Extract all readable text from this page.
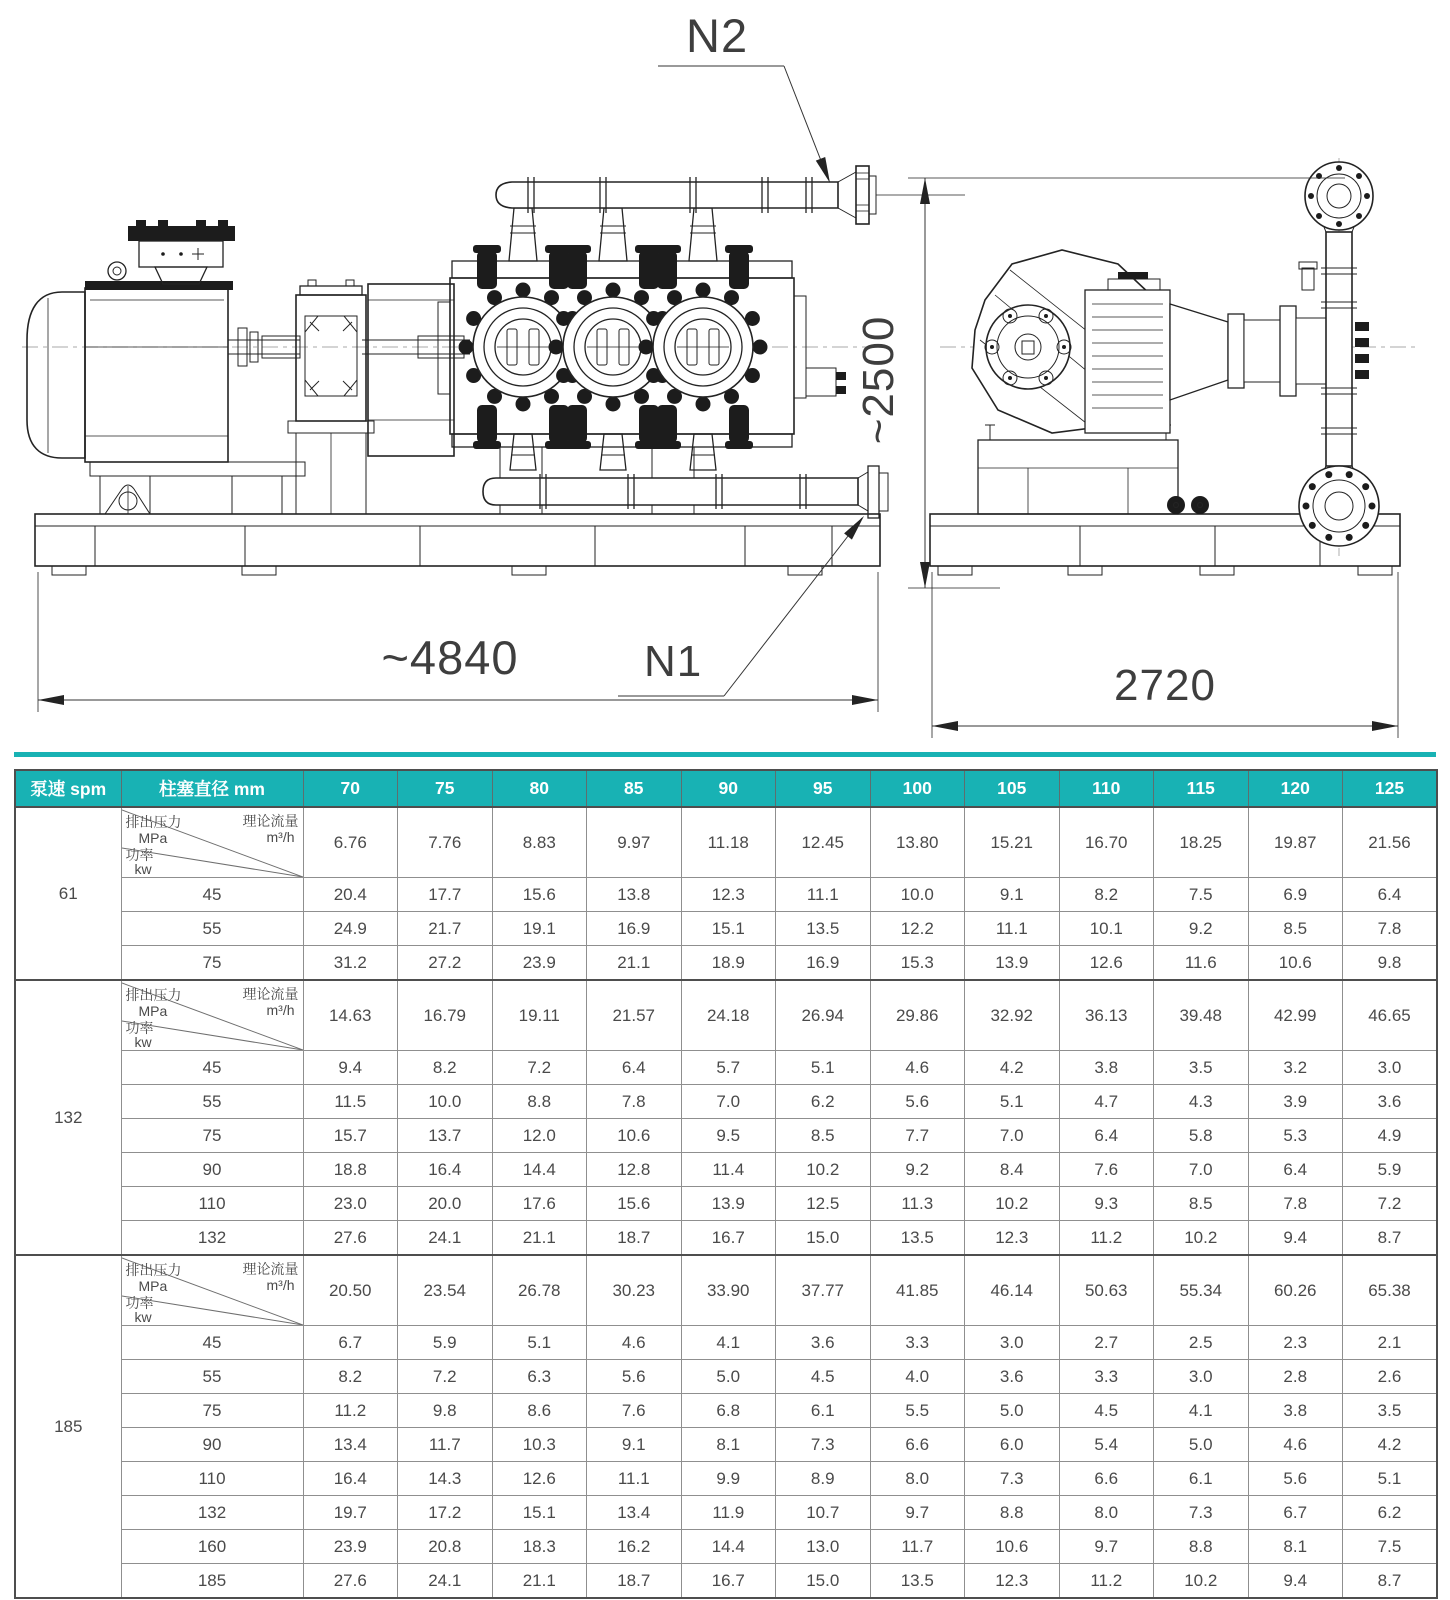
N2
N1
~4840
~2500
2720
泵速 spm	柱塞直径 mm	70	75	80	85	90	95	100	105	110	115	120	125
61	
排出压力
MPa
理论流量
m³/h
功率
kw
	6.76	7.76	8.83	9.97	11.18	12.45	13.80	15.21	16.70	18.25	19.87	21.56
	45	20.4	17.7	15.6	13.8	12.3	11.1	10.0	9.1	8.2	7.5	6.9	6.4
	55	24.9	21.7	19.1	16.9	15.1	13.5	12.2	11.1	10.1	9.2	8.5	7.8
	75	31.2	27.2	23.9	21.1	18.9	16.9	15.3	13.9	12.6	11.6	10.6	9.8
132	
排出压力
MPa
理论流量
m³/h
功率
kw
	14.63	16.79	19.11	21.57	24.18	26.94	29.86	32.92	36.13	39.48	42.99	46.65
	45	9.4	8.2	7.2	6.4	5.7	5.1	4.6	4.2	3.8	3.5	3.2	3.0
	55	11.5	10.0	8.8	7.8	7.0	6.2	5.6	5.1	4.7	4.3	3.9	3.6
	75	15.7	13.7	12.0	10.6	9.5	8.5	7.7	7.0	6.4	5.8	5.3	4.9
	90	18.8	16.4	14.4	12.8	11.4	10.2	9.2	8.4	7.6	7.0	6.4	5.9
	110	23.0	20.0	17.6	15.6	13.9	12.5	11.3	10.2	9.3	8.5	7.8	7.2
	132	27.6	24.1	21.1	18.7	16.7	15.0	13.5	12.3	11.2	10.2	9.4	8.7
185	
排出压力
MPa
理论流量
m³/h
功率
kw
	20.50	23.54	26.78	30.23	33.90	37.77	41.85	46.14	50.63	55.34	60.26	65.38
	45	6.7	5.9	5.1	4.6	4.1	3.6	3.3	3.0	2.7	2.5	2.3	2.1
	55	8.2	7.2	6.3	5.6	5.0	4.5	4.0	3.6	3.3	3.0	2.8	2.6
	75	11.2	9.8	8.6	7.6	6.8	6.1	5.5	5.0	4.5	4.1	3.8	3.5
	90	13.4	11.7	10.3	9.1	8.1	7.3	6.6	6.0	5.4	5.0	4.6	4.2
	110	16.4	14.3	12.6	11.1	9.9	8.9	8.0	7.3	6.6	6.1	5.6	5.1
	132	19.7	17.2	15.1	13.4	11.9	10.7	9.7	8.8	8.0	7.3	6.7	6.2
	160	23.9	20.8	18.3	16.2	14.4	13.0	11.7	10.6	9.7	8.8	8.1	7.5
	185	27.6	24.1	21.1	18.7	16.7	15.0	13.5	12.3	11.2	10.2	9.4	8.7
